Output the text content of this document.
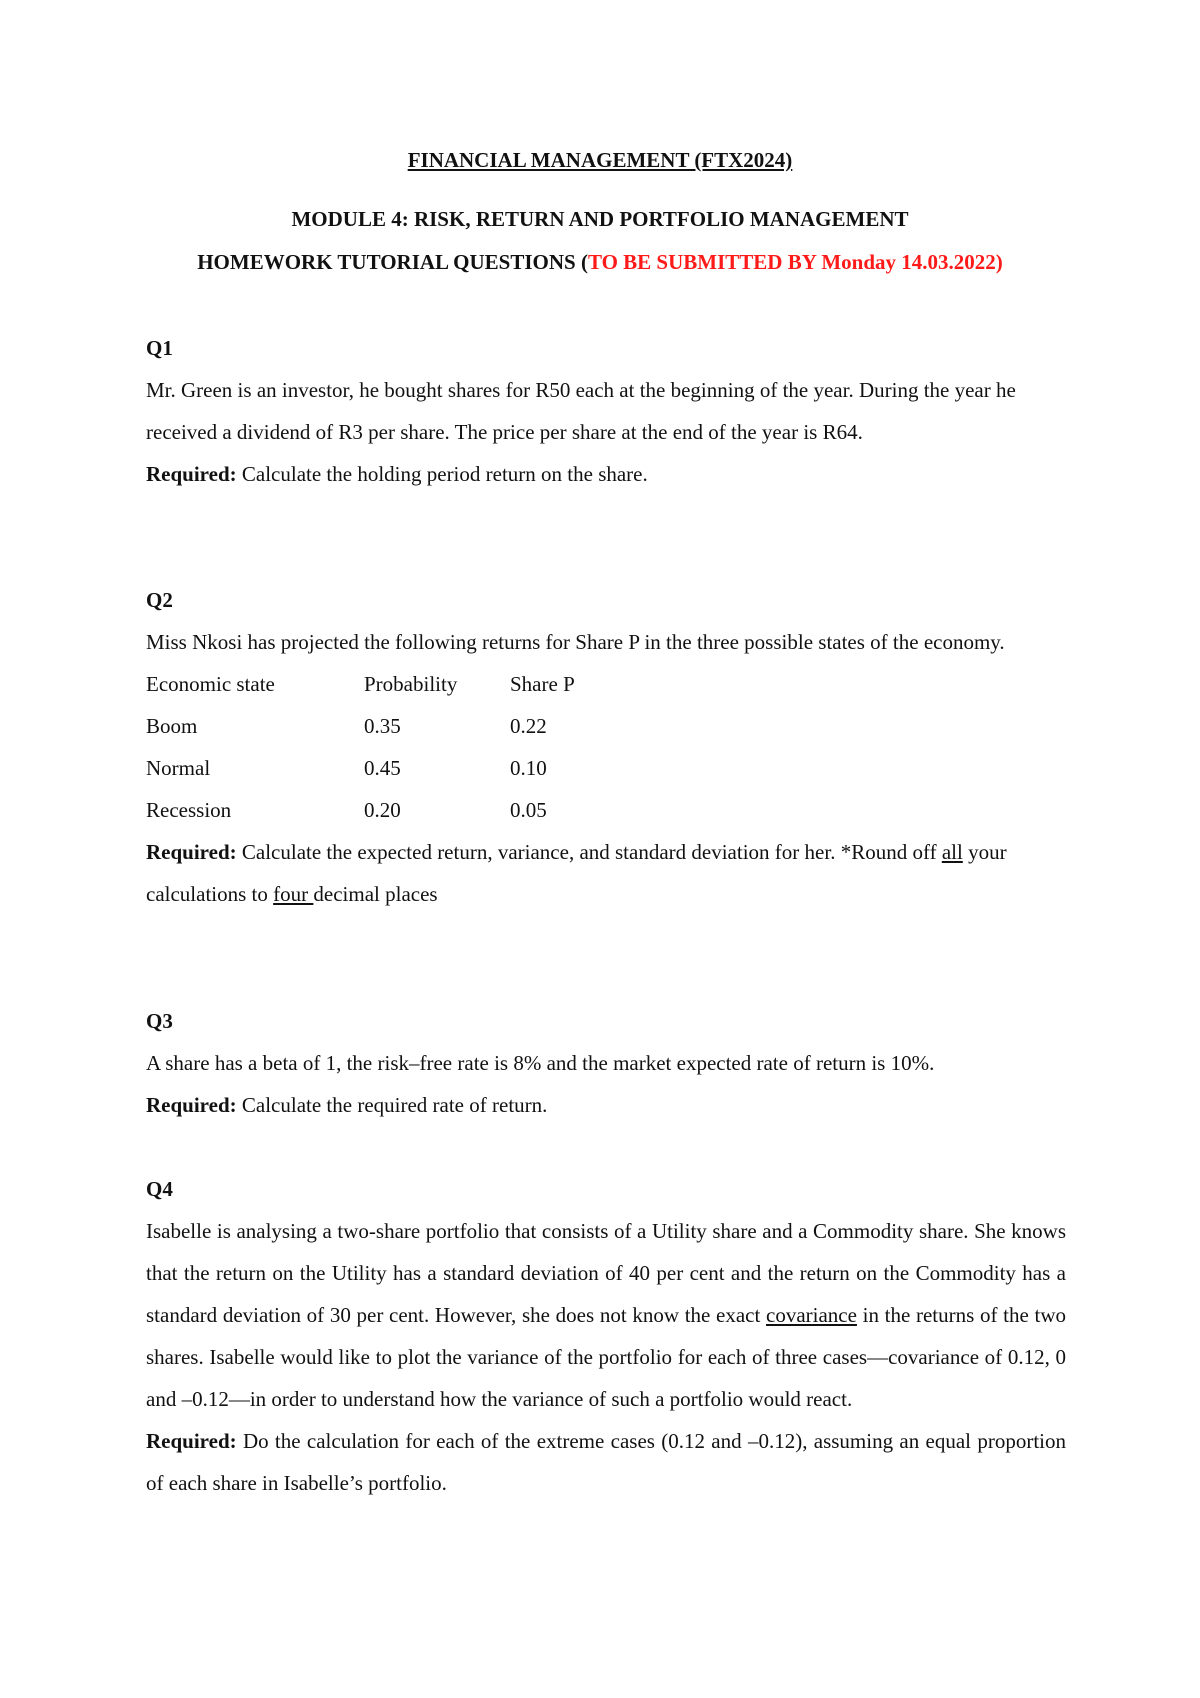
FINANCIAL MANAGEMENT (FTX2024)
MODULE 4: RISK, RETURN AND PORTFOLIO MANAGEMENT
HOMEWORK TUTORIAL QUESTIONS (TO BE SUBMITTED BY Monday 14.03.2022)
Q1
Mr. Green is an investor, he bought shares for R50 each at the beginning of the year. During the year he received a dividend of R3 per share. The price per share at the end of the year is R64.
Required: Calculate the holding period return on the share.
Q2
Miss Nkosi has projected the following returns for Share P in the three possible states of the economy.
Economic state	Probability	Share P
Boom	0.35	0.22
Normal	0.45	0.10
Recession	0.20	0.05
Required: Calculate the expected return, variance, and standard deviation for her. *Round off all your calculations to four decimal places
Q3
A share has a beta of 1, the risk–free rate is 8% and the market expected rate of return is 10%.
Required: Calculate the required rate of return.
Q4
Isabelle is analysing a two-share portfolio that consists of a Utility share and a Commodity share. She knows that the return on the Utility has a standard deviation of 40 per cent and the return on the Commodity has a standard deviation of 30 per cent. However, she does not know the exact covariance in the returns of the two shares. Isabelle would like to plot the variance of the portfolio for each of three cases—covariance of 0.12, 0 and –0.12—in order to understand how the variance of such a portfolio would react.
Required: Do the calculation for each of the extreme cases (0.12 and –0.12), assuming an equal proportion of each share in Isabelle’s portfolio.
